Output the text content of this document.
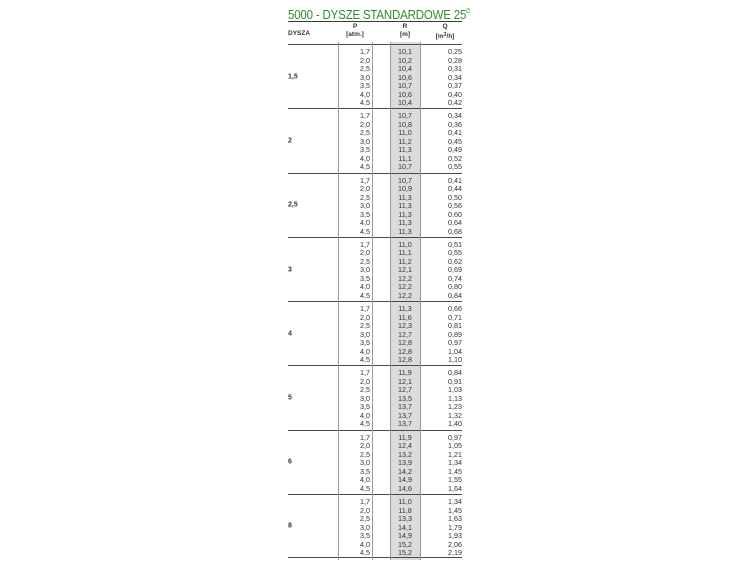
5000 - DYSZE STANDARDOWE $25^0$
DYSZA
P
[atm.]
R
[m]
Q
$[m^3/h]$
1,5
1,7	10,1	0,25
2,0	10,2	0,28
2,5	10,4	0,31
3,0	10,6	0,34
3,5	10,7	0,37
4,0	10,6	0,40
4,5	10,4	0,42
2
1,7	10,7	0,34
2,0	10,8	0,36
2,5	11,0	0,41
3,0	11,2	0,45
3,5	11,3	0,49
4,0	11,1	0,52
4,5	10,7	0,55
2,5
1,7	10,7	0,41
2,0	10,9	0,44
2,5	11,3	0,50
3,0	11,3	0,56
3,5	11,3	0,60
4,0	11,3	0,64
4,5	11,3	0,68
3
1,7	11,0	0,51
2,0	11,1	0,55
2,5	11,2	0,62
3,0	12,1	0,69
3,5	12,2	0,74
4,0	12,2	0,80
4,5	12,2	0,84
4
1,7	11,3	0,66
2,0	11,6	0,71
2,5	12,3	0,81
3,0	12,7	0,89
3,5	12,8	0,97
4,0	12,8	1,04
4,5	12,8	1,10
5
1,7	11,9	0,84
2,0	12,1	0,91
2,5	12,7	1,03
3,0	13,5	1,13
3,5	13,7	1,23
4,0	13,7	1,32
4,5	13,7	1,40
6
1,7	11,9	0,97
2,0	12,4	1,05
2,5	13,2	1,21
3,0	13,9	1,34
3,5	14,2	1,45
4,0	14,9	1,55
4,5	14,6	1,64
8
1,7	11,0	1,34
2,0	11,8	1,45
2,5	13,3	1,63
3,0	14,1	1,79
3,5	14,9	1,93
4,0	15,2	2,06
4,5	15,2	2,19
